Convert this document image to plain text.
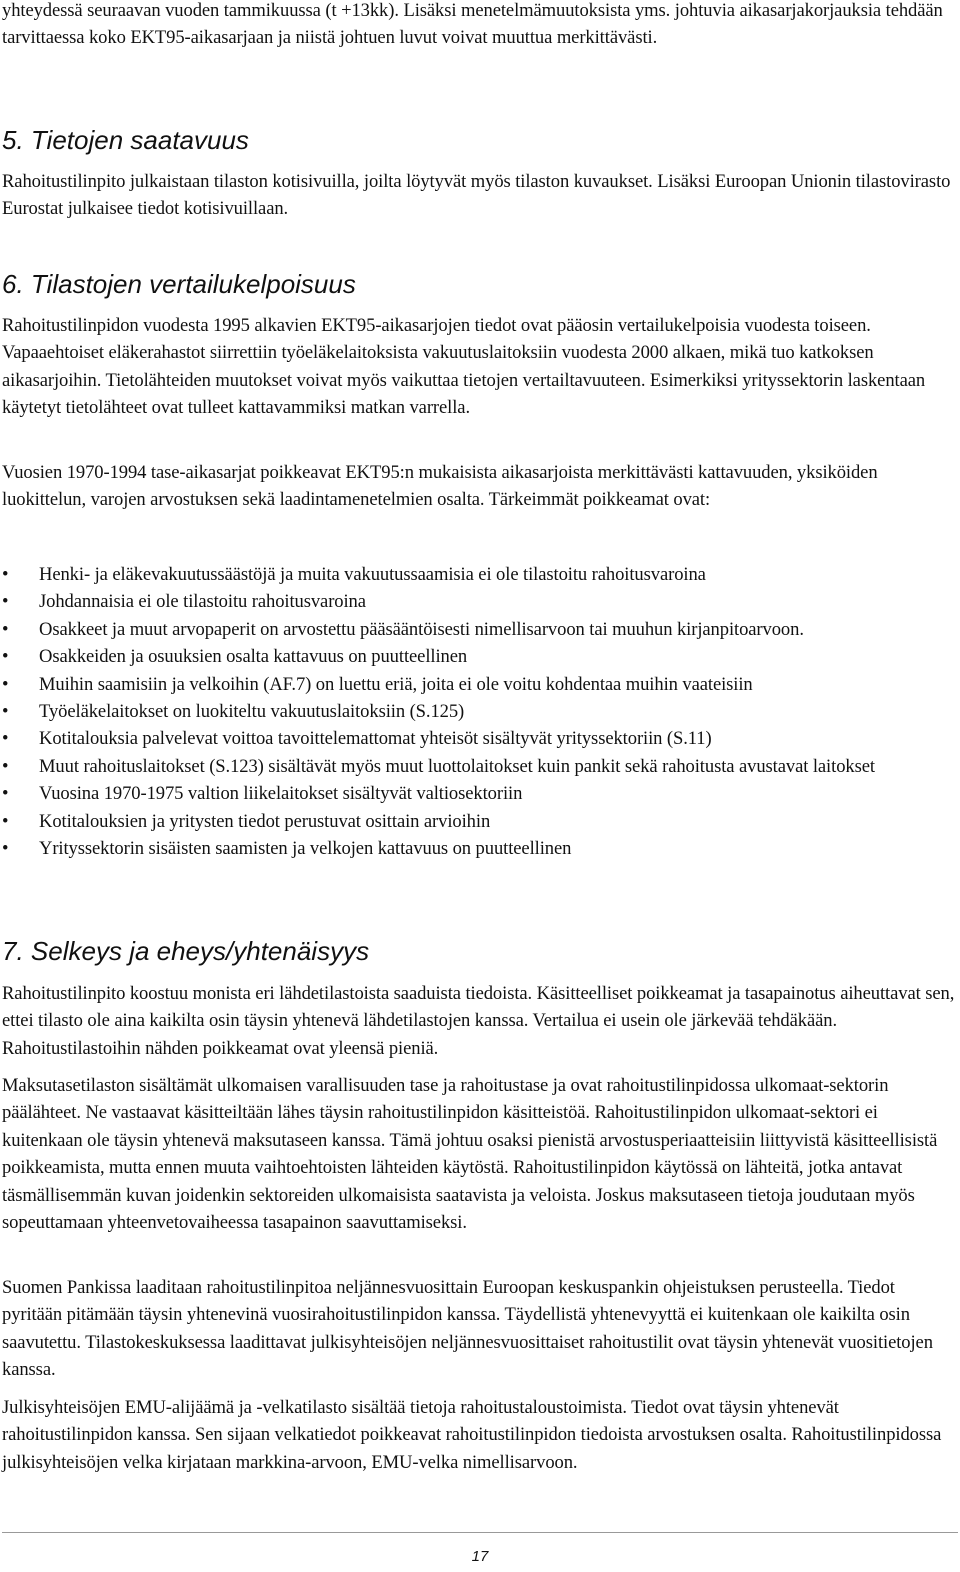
yhteydessä seuraavan vuoden tammikuussa (t +13kk). Lisäksi menetelmämuutoksista yms. johtuvia aikasarjakorjauksia tehdään tarvittaessa koko EKT95-aikasarjaan ja niistä johtuen luvut voivat muuttua merkittävästi.

5. Tietojen saatavuus

Rahoitustilinpito julkaistaan tilaston kotisivuilla, joilta löytyvät myös tilaston kuvaukset. Lisäksi Euroopan Unionin tilastovirasto Eurostat julkaisee tiedot kotisivuillaan.

6. Tilastojen vertailukelpoisuus

Rahoitustilinpidon vuodesta 1995 alkavien EKT95-aikasarjojen tiedot ovat pääosin vertailukelpoisia vuodesta toiseen. Vapaaehtoiset eläkerahastot siirrettiin työeläkelaitoksista vakuutuslaitoksiin vuodesta 2000 alkaen, mikä tuo katkoksen aikasarjoihin. Tietolähteiden muutokset voivat myös vaikuttaa tietojen vertailtavuuteen. Esimerkiksi yrityssektorin laskentaan käytetyt tietolähteet ovat tulleet kattavammiksi matkan varrella.

Vuosien 1970-1994 tase-aikasarjat poikkeavat EKT95:n mukaisista aikasarjoista merkittävästi kattavuuden, yksiköiden luokittelun, varojen arvostuksen sekä laadintamenetelmien osalta. Tärkeimmät poikkeamat ovat:

• Henki- ja eläkevakuutussäästöjä ja muita vakuutussaamisia ei ole tilastoitu rahoitusvaroina
• Johdannaisia ei ole tilastoitu rahoitusvaroina
• Osakkeet ja muut arvopaperit on arvostettu pääsääntöisesti nimellisarvoon tai muuhun kirjanpitoarvoon.
• Osakkeiden ja osuuksien osalta kattavuus on puutteellinen
• Muihin saamisiin ja velkoihin (AF.7) on luettu eriä, joita ei ole voitu kohdentaa muihin vaateisiin
• Työeläkelaitokset on luokiteltu vakuutuslaitoksiin (S.125)
• Kotitalouksia palvelevat voittoa tavoittelemattomat yhteisöt sisältyvät yrityssektoriin (S.11)
• Muut rahoituslaitokset (S.123) sisältävät myös muut luottolaitokset kuin pankit sekä rahoitusta avustavat laitokset
• Vuosina 1970-1975 valtion liikelaitokset sisältyvät valtiosektoriin
• Kotitalouksien ja yritysten tiedot perustuvat osittain arvioihin
• Yrityssektorin sisäisten saamisten ja velkojen kattavuus on puutteellinen
7. Selkeys ja eheys/yhtenäisyys

Rahoitustilinpito koostuu monista eri lähdetilastoista saaduista tiedoista. Käsitteelliset poikkeamat ja tasapainotus aiheuttavat sen, ettei tilasto ole aina kaikilta osin täysin yhtenevä lähdetilastojen kanssa. Vertailua ei usein ole järkevää tehdäkään. Rahoitustilastoihin nähden poikkeamat ovat yleensä pieniä.

Maksutasetilaston sisältämät ulkomaisen varallisuuden tase ja rahoitustase ja ovat rahoitustilinpidossa ulkomaat-sektorin päälähteet. Ne vastaavat käsitteiltään lähes täysin rahoitustilinpidon käsitteistöä. Rahoitustilinpidon ulkomaat-sektori ei kuitenkaan ole täysin yhtenevä maksutaseen kanssa. Tämä johtuu osaksi pienistä arvostusperiaatteisiin liittyvistä käsitteellisistä poikkeamista, mutta ennen muuta vaihtoehtoisten lähteiden käytöstä. Rahoitustilinpidon käytössä on lähteitä, jotka antavat täsmällisemmän kuvan joidenkin sektoreiden ulkomaisista saatavista ja veloista. Joskus maksutaseen tietoja joudutaan myös sopeuttamaan yhteenvetovaiheessa tasapainon saavuttamiseksi.

Suomen Pankissa laaditaan rahoitustilinpitoa neljännesvuosittain Euroopan keskuspankin ohjeistuksen perusteella. Tiedot pyritään pitämään täysin yhtenevinä vuosirahoitustilinpidon kanssa. Täydellistä yhtenevyyttä ei kuitenkaan ole kaikilta osin saavutettu. Tilastokeskuksessa laadittavat julkisyhteisöjen neljännesvuosittaiset rahoitustilit ovat täysin yhtenevät vuositietojen kanssa.

Julkisyhteisöjen EMU-alijäämä ja -velkatilasto sisältää tietoja rahoitustaloustoimista. Tiedot ovat täysin yhtenevät rahoitustilinpidon kanssa. Sen sijaan velkatiedot poikkeavat rahoitustilinpidon tiedoista arvostuksen osalta. Rahoitustilinpidossa julkisyhteisöjen velka kirjataan markkina-arvoon, EMU-velka nimellisarvoon.

17
